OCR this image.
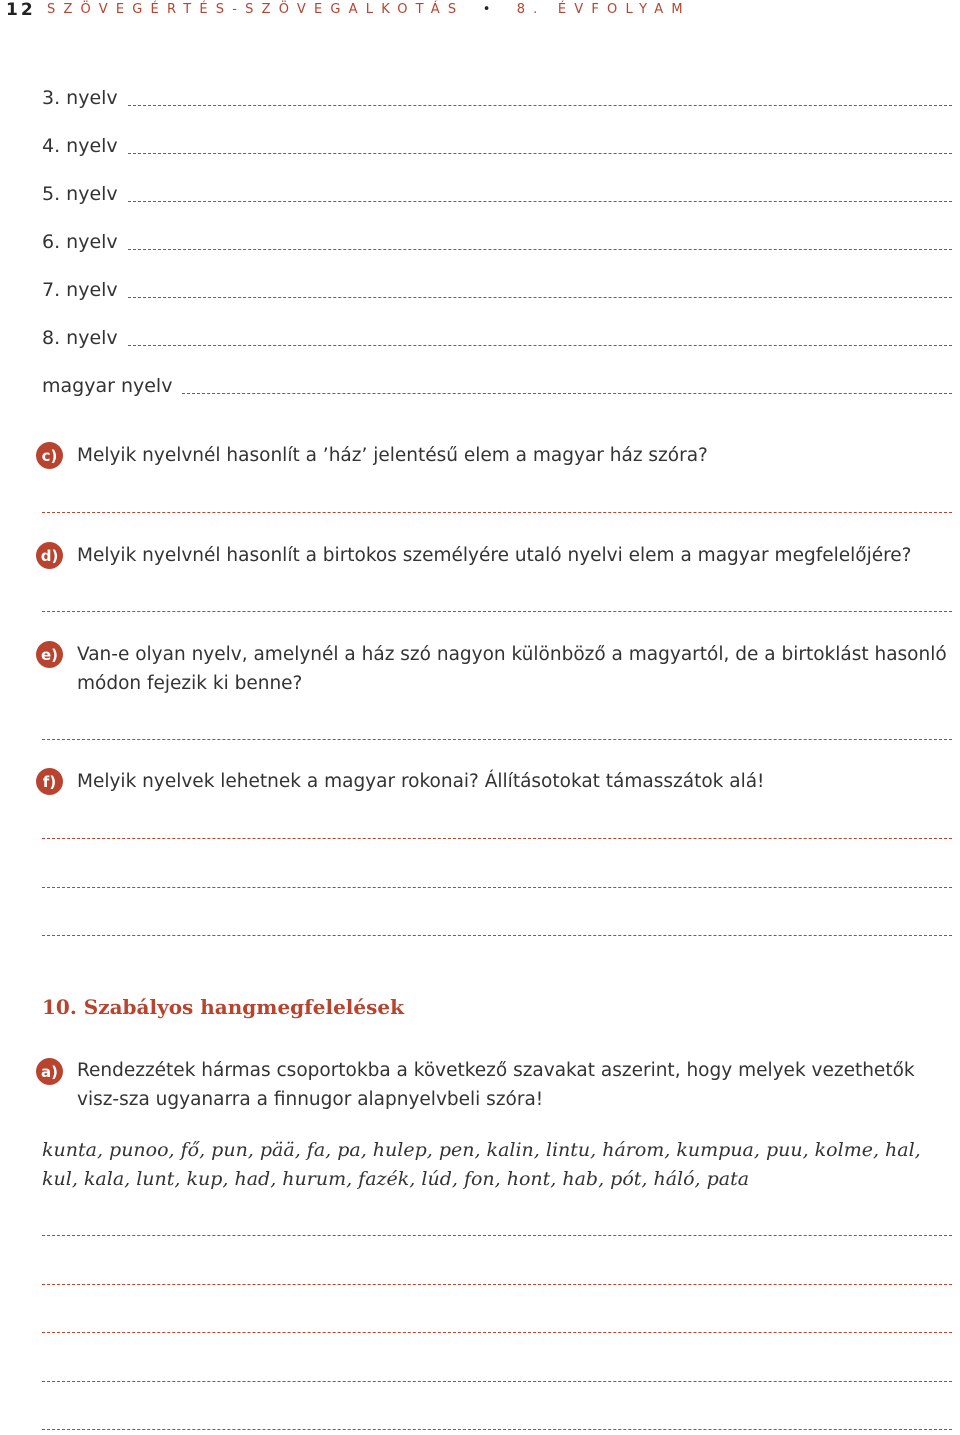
12 SZÖVEGÉRTÉS-SZÖVEGALKOTÁS • 8. ÉVFOLYAM
3. nyelv
4. nyelv
5. nyelv
6. nyelv
7. nyelv
8. nyelv
magyar nyelv
c)	Melyik nyelvnél hasonlít a ’ház’ jelentésű elem a magyar ház szóra?
d) Melyik nyelvnél hasonlít a birtokos személyére utaló nyelvi elem a magyar megfelelőjére?
e) Van-e olyan nyelv, amelynél a ház szó nagyon különböző a magyartól, de a birtoklást hasonló módon fejezik ki benne?
f)	Melyik nyelvek lehetnek a magyar rokonai? Állításotokat támasszátok alá!
10. Szabályos hangmegfelelések
a) Rendezzétek hármas csoportokba a következő szavakat aszerint, hogy melyek vezethetők visz-sza ugyanarra a finnugor alapnyelvbeli szóra!
kunta, punoo, fő, pun, pää, fa, pa, hulep, pen, kalin, lintu, három, kumpua, puu, kolme, hal, kul, kala, lunt, kup, had, hurum, fazék, lúd, fon, hont, hab, pót, háló, pata
